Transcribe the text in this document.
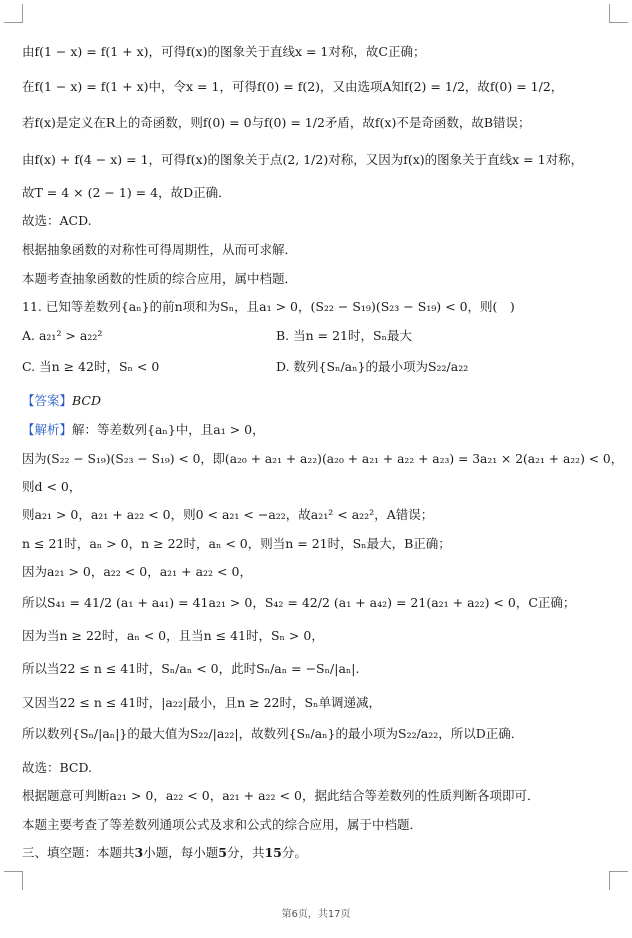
由f(1 − x) = f(1 + x)，可得f(x)的图象关于直线x = 1对称，故C正确；
在f(1 − x) = f(1 + x)中，令x = 1，可得f(0) = f(2)，又由选项A知f(2) = 1/2，故f(0) = 1/2，
若f(x)是定义在R上的奇函数，则f(0) = 0与f(0) = 1/2矛盾，故f(x)不是奇函数，故B错误；
由f(x) + f(4 − x) = 1，可得f(x)的图象关于点(2, 1/2)对称，又因为f(x)的图象关于直线x = 1对称，
故T = 4 × (2 − 1) = 4，故D正确．
故选：ACD.
根据抽象函数的对称性可得周期性，从而可求解．
本题考查抽象函数的性质的综合应用，属中档题．
11. 已知等差数列{aₙ}的前n项和为Sₙ，且a₁ > 0，(S₂₂ − S₁₉)(S₂₃ − S₁₉) < 0，则(　)
A. a₂₁² > a₂₂²	B. 当n = 21时，Sₙ最大
C. 当n ≥ 42时，Sₙ < 0	D. 数列{Sₙ/aₙ}的最小项为S₂₂/a₂₂
【答案】BCD
【解析】解：等差数列{aₙ}中，且a₁ > 0，
因为(S₂₂ − S₁₉)(S₂₃ − S₁₉) < 0，即(a₂₀ + a₂₁ + a₂₂)(a₂₀ + a₂₁ + a₂₂ + a₂₃) = 3a₂₁ × 2(a₂₁ + a₂₂) < 0，
则d < 0，
则a₂₁ > 0，a₂₁ + a₂₂ < 0，则0 < a₂₁ < −a₂₂，故a₂₁² < a₂₂²，A错误；
n ≤ 21时，aₙ > 0，n ≥ 22时，aₙ < 0，则当n = 21时，Sₙ最大，B正确；
因为a₂₁ > 0，a₂₂ < 0，a₂₁ + a₂₂ < 0，
所以S₄₁ = 41/2 (a₁ + a₄₁) = 41a₂₁ > 0，S₄₂ = 42/2 (a₁ + a₄₂) = 21(a₂₁ + a₂₂) < 0，C正确；
因为当n ≥ 22时，aₙ < 0，且当n ≤ 41时，Sₙ > 0，
所以当22 ≤ n ≤ 41时，Sₙ/aₙ < 0，此时Sₙ/aₙ = −Sₙ/|aₙ|.
又因当22 ≤ n ≤ 41时，|a₂₂|最小，且n ≥ 22时，Sₙ单调递减，
所以数列{Sₙ/|aₙ|}的最大值为S₂₂/|a₂₂|，故数列{Sₙ/aₙ}的最小项为S₂₂/a₂₂，所以D正确．
故选：BCD.
根据题意可判断a₂₁ > 0，a₂₂ < 0，a₂₁ + a₂₂ < 0，据此结合等差数列的性质判断各项即可．
本题主要考查了等差数列通项公式及求和公式的综合应用，属于中档题．
三、填空题：本题共3小题，每小题5分，共15分。
第6页，共17页
